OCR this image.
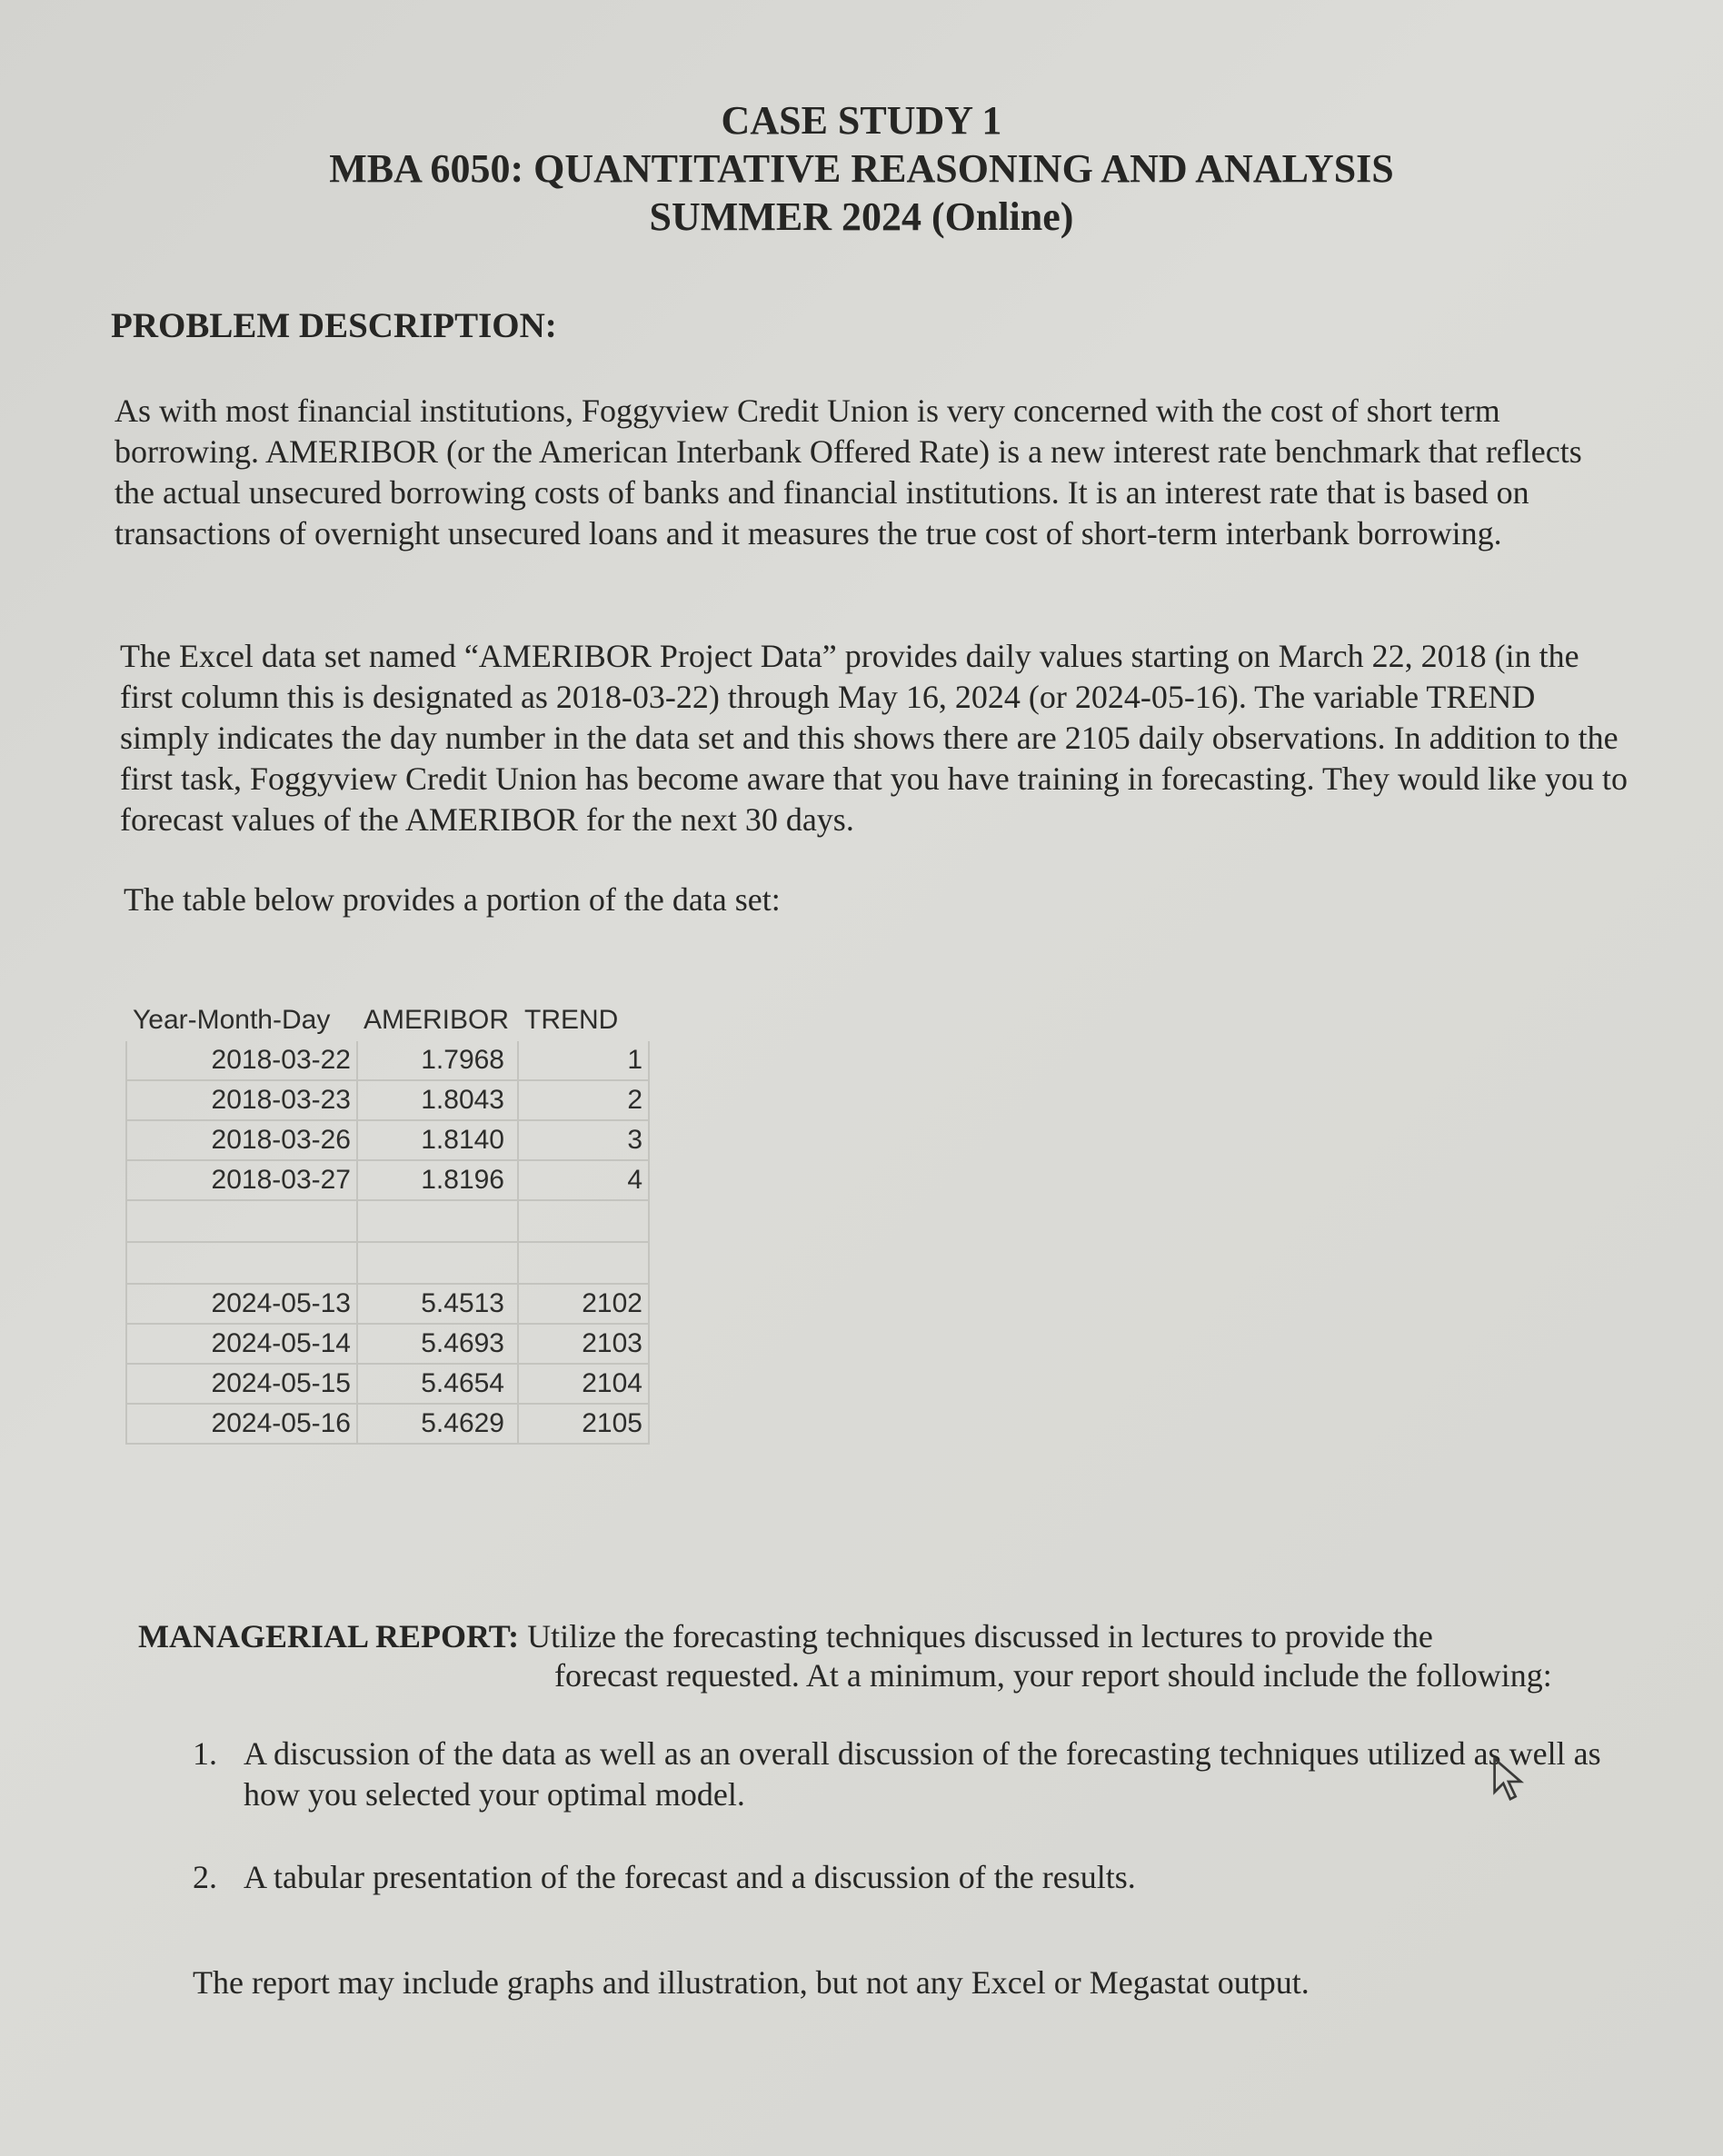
CASE STUDY 1
MBA 6050: QUANTITATIVE REASONING AND ANALYSIS
SUMMER 2024 (Online)
PROBLEM DESCRIPTION:
As with most financial institutions, Foggyview Credit Union is very concerned with the cost of short term borrowing. AMERIBOR (or the American Interbank Offered Rate) is a new interest rate benchmark that reflects the actual unsecured borrowing costs of banks and financial institutions. It is an interest rate that is based on transactions of overnight unsecured loans and it measures the true cost of short-term interbank borrowing.
The Excel data set named “AMERIBOR Project Data” provides daily values starting on March 22, 2018 (in the first column this is designated as 2018-03-22) through May 16, 2024 (or 2024-05-16). The variable TREND simply indicates the day number in the data set and this shows there are 2105 daily observations. In addition to the first task, Foggyview Credit Union has become aware that you have training in forecasting. They would like you to forecast values of the AMERIBOR for the next 30 days.
The table below provides a portion of the data set:
Year-Month-Day	AMERIBOR	TREND
2018-03-22	1.7968	1
2018-03-23	1.8043	2
2018-03-26	1.8140	3
2018-03-27	1.8196	4

2024-05-13	5.4513	2102
2024-05-14	5.4693	2103
2024-05-15	5.4654	2104
2024-05-16	5.4629	2105
MANAGERIAL REPORT: Utilize the forecasting techniques discussed in lectures to provide the
forecast requested. At a minimum, your report should include the following:
1. A discussion of the data as well as an overall discussion of the forecasting techniques utilized as well as how you selected your optimal model.
2. A tabular presentation of the forecast and a discussion of the results.
The report may include graphs and illustration, but not any Excel or Megastat output.
